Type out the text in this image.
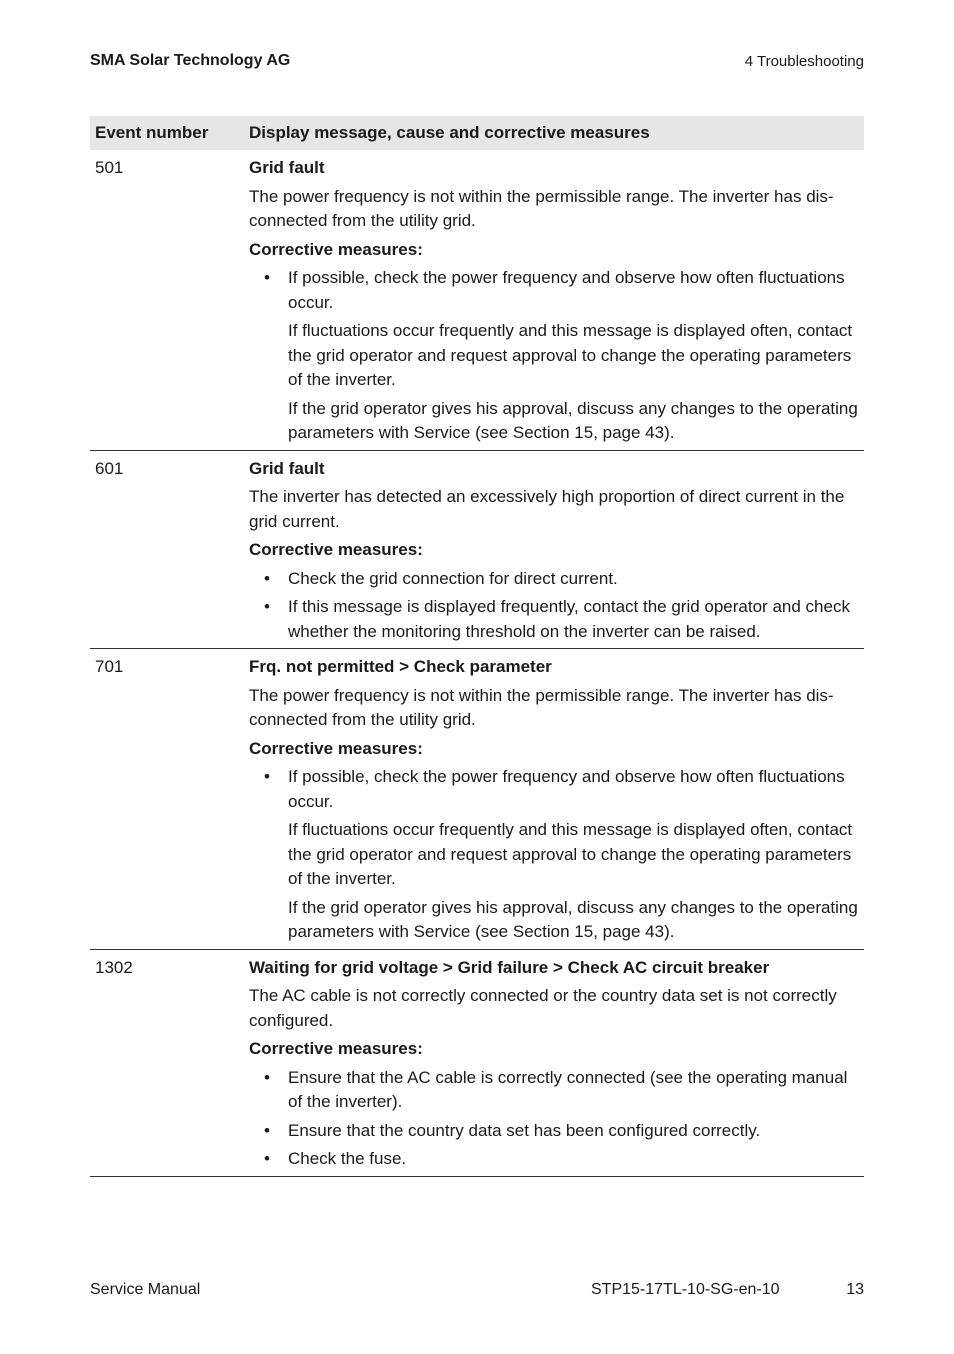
SMA Solar Technology AG	4 Troubleshooting
Event number	Display message, cause and corrective measures
501	Grid fault
The power frequency is not within the permissible range. The inverter has dis-connected from the utility grid.
Corrective measures:
• If possible, check the power frequency and observe how often fluctuations occur.
If fluctuations occur frequently and this message is displayed often, contact the grid operator and request approval to change the operating parameters of the inverter.
If the grid operator gives his approval, discuss any changes to the operating parameters with Service (see Section 15, page 43).
601	Grid fault
The inverter has detected an excessively high proportion of direct current in the grid current.
Corrective measures:
• Check the grid connection for direct current.
• If this message is displayed frequently, contact the grid operator and check whether the monitoring threshold on the inverter can be raised.
701	Frq. not permitted > Check parameter
The power frequency is not within the permissible range. The inverter has dis-connected from the utility grid.
Corrective measures:
• If possible, check the power frequency and observe how often fluctuations occur.
If fluctuations occur frequently and this message is displayed often, contact the grid operator and request approval to change the operating parameters of the inverter.
If the grid operator gives his approval, discuss any changes to the operating parameters with Service (see Section 15, page 43).
1302	Waiting for grid voltage > Grid failure > Check AC circuit breaker
The AC cable is not correctly connected or the country data set is not correctly configured.
Corrective measures:
• Ensure that the AC cable is correctly connected (see the operating manual of the inverter).
• Ensure that the country data set has been configured correctly.
• Check the fuse.
Service Manual	STP15-17TL-10-SG-en-10	13
